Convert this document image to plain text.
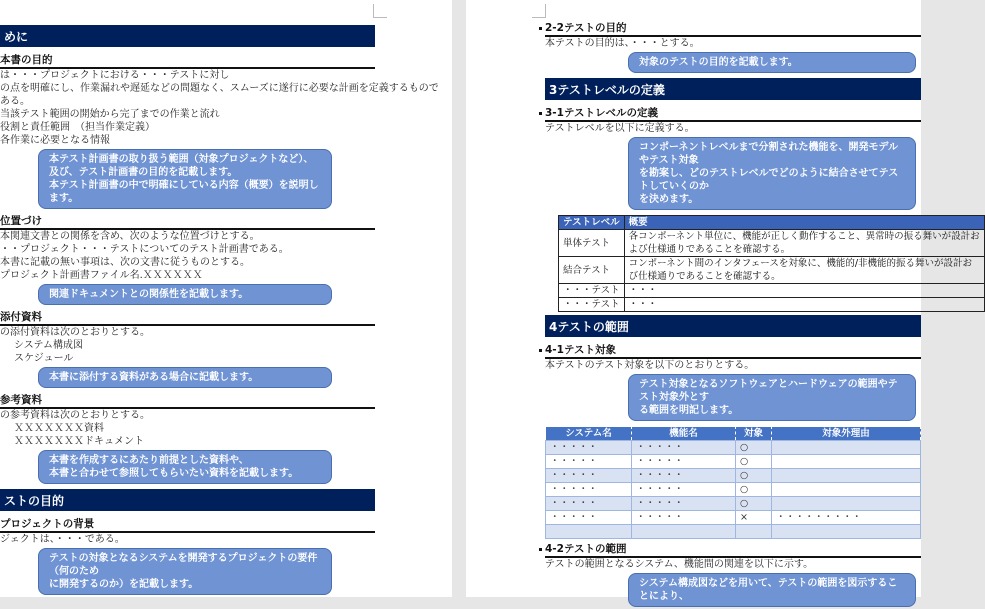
めに
本書の目的
は・・・プロジェクトにおける・・・テストに対し
の点を明確にし、作業漏れや遅延などの問題なく、スムーズに遂行に必要な計画を定義するものである。
当該テスト範囲の開始から完了までの作業と流れ
役割と責任範囲　（担当作業定義）
各作業に必要となる情報
本テスト計画書の取り扱う範囲（対象プロジェクトなど）、
及び、テスト計画書の目的を記載します。
本テスト計画書の中で明確にしている内容（概要）を説明します。
位置づけ
本関連文書との関係を含め、次のような位置づけとする。
・・プロジェクト・・・テストについてのテスト計画書である。
本書に記載の無い事項は、次の文書に従うものとする。
プロジェクト計画書ファイル名.ＸＸＸＸＸＸ
関連ドキュメントとの関係性を記載します。
添付資料
の添付資料は次のとおりとする。
システム構成図
スケジュール
本書に添付する資料がある場合に記載します。
参考資料
の参考資料は次のとおりとする。
ＸＸＸＸＸＸＸ資料
ＸＸＸＸＸＸＸドキュメント
本書を作成するにあたり前提とした資料や、
本書と合わせて参照してもらいたい資料を記載します。
ストの目的
プロジェクトの背景
ジェクトは、・・・である。
テストの対象となるシステムを開発するプロジェクトの要件（何のため
に開発するのか）を記載します。
2-2テストの目的
本テストの目的は、・・・とする。
対象のテストの目的を記載します。
3テストレベルの定義
3-1テストレベルの定義
テストレベルを以下に定義する。
コンポーネントレベルまで分割された機能を、開発モデルやテスト対象
を勘案し、どのテストレベルでどのように結合させてテストしていくのか
を決めます。
テストレベル	概要
単体テスト	各コンポーネント単位に、機能が正しく動作すること、異常時の振る舞いが設計お
よび仕様通りであることを確認する。

結合テスト	コンポーネント間のインタフェースを対象に、機能的/非機能的振る舞いが設計お
び仕様通りであることを確認する。

・・・テスト	・・・
・・・テスト	・・・
4テストの範囲
4-1テスト対象
本テストのテスト対象を以下のとおりとする。
テスト対象となるソフトウェアとハードウェアの範囲やテスト対象外とす
る範囲を明記します。
システム名	機能名	対象	対象外理由
・・・・・	・・・・・	○	
・・・・・	・・・・・	○	
・・・・・	・・・・・	○	
・・・・・	・・・・・	○	
・・・・・	・・・・・	○	
・・・・・	・・・・・	×	・・・・・・・・・

4-2テストの範囲
テストの範囲となるシステム、機能間の関連を以下に示す。
システム構成図などを用いて、テストの範囲を図示することにより、
